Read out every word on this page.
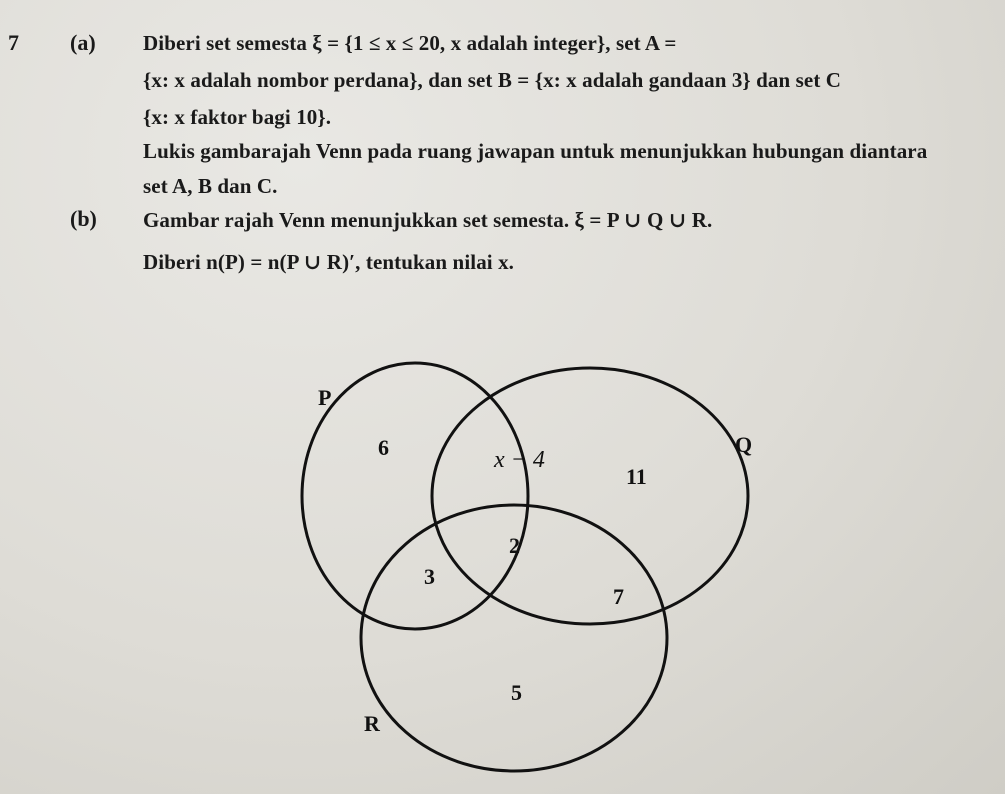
7 (a) Diberi set semesta ξ = {1 ≤ x ≤ 20, x adalah integer}, set A =
{x: x adalah nombor perdana}, dan set B = {x: x adalah gandaan 3} dan set C
{x: x faktor bagi 10}.
Lukis gambarajah Venn pada ruang jawapan untuk menunjukkan hubungan diantara
set A, B dan C.
(b) Gambar rajah Venn menunjukkan set semesta. ξ = P ∪ Q ∪ R.
Diberi n(P) = n(P ∪ R)′, tentukan nilai x.
P
Q
R
6	x − 4
11
2
3
7
5
